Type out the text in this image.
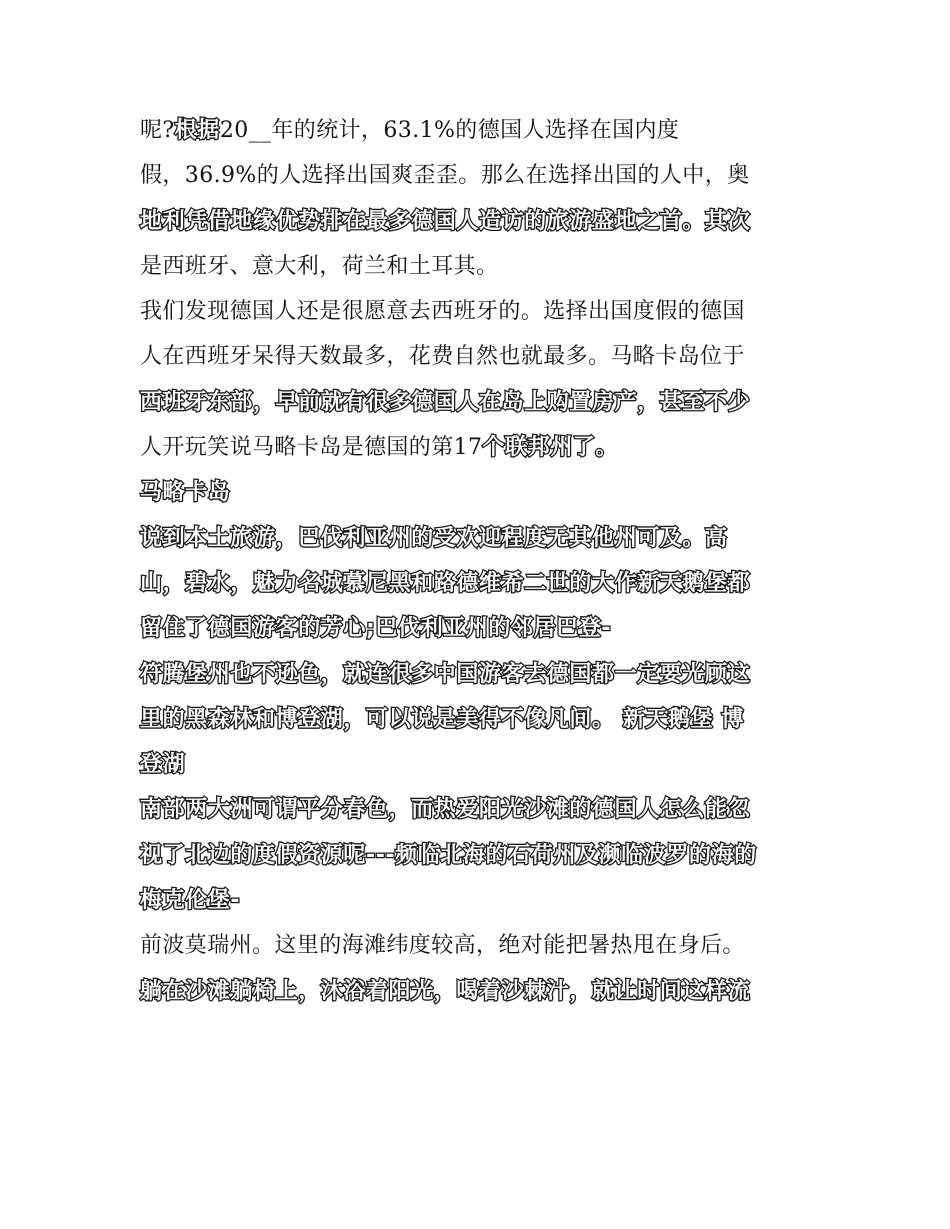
呢?根据20__年的统计，63.1%的德国人选择在国内度
假，36.9%的人选择出国爽歪歪。那么在选择出国的人中，奥
地利凭借地缘优势排在最多德国人造访的旅游盛地之首。其次
是西班牙、意大利，荷兰和土耳其。
我们发现德国人还是很愿意去西班牙的。选择出国度假的德国
人在西班牙呆得天数最多，花费自然也就最多。马略卡岛位于
西班牙东部，早前就有很多德国人在岛上购置房产，甚至不少
人开玩笑说马略卡岛是德国的第17个联邦州了。
马略卡岛
说到本土旅游，巴伐利亚州的受欢迎程度无其他州可及。高
山，碧水，魅力名城慕尼黑和路德维希二世的大作新天鹅堡都
留住了德国游客的芳心;巴伐利亚州的邻居巴登-
符腾堡州也不逊色，就连很多中国游客去德国都一定要光顾这
里的黑森林和博登湖，可以说是美得不像凡间。 新天鹅堡 博
登湖
南部两大洲可谓平分春色，而热爱阳光沙滩的德国人怎么能忽
视了北边的度假资源呢---频临北海的石荷州及濒临波罗的海的
梅克伦堡-
前波莫瑞州。这里的海滩纬度较高，绝对能把暑热甩在身后。
躺在沙滩躺椅上，沐浴着阳光，喝着沙棘汁，就让时间这样流
